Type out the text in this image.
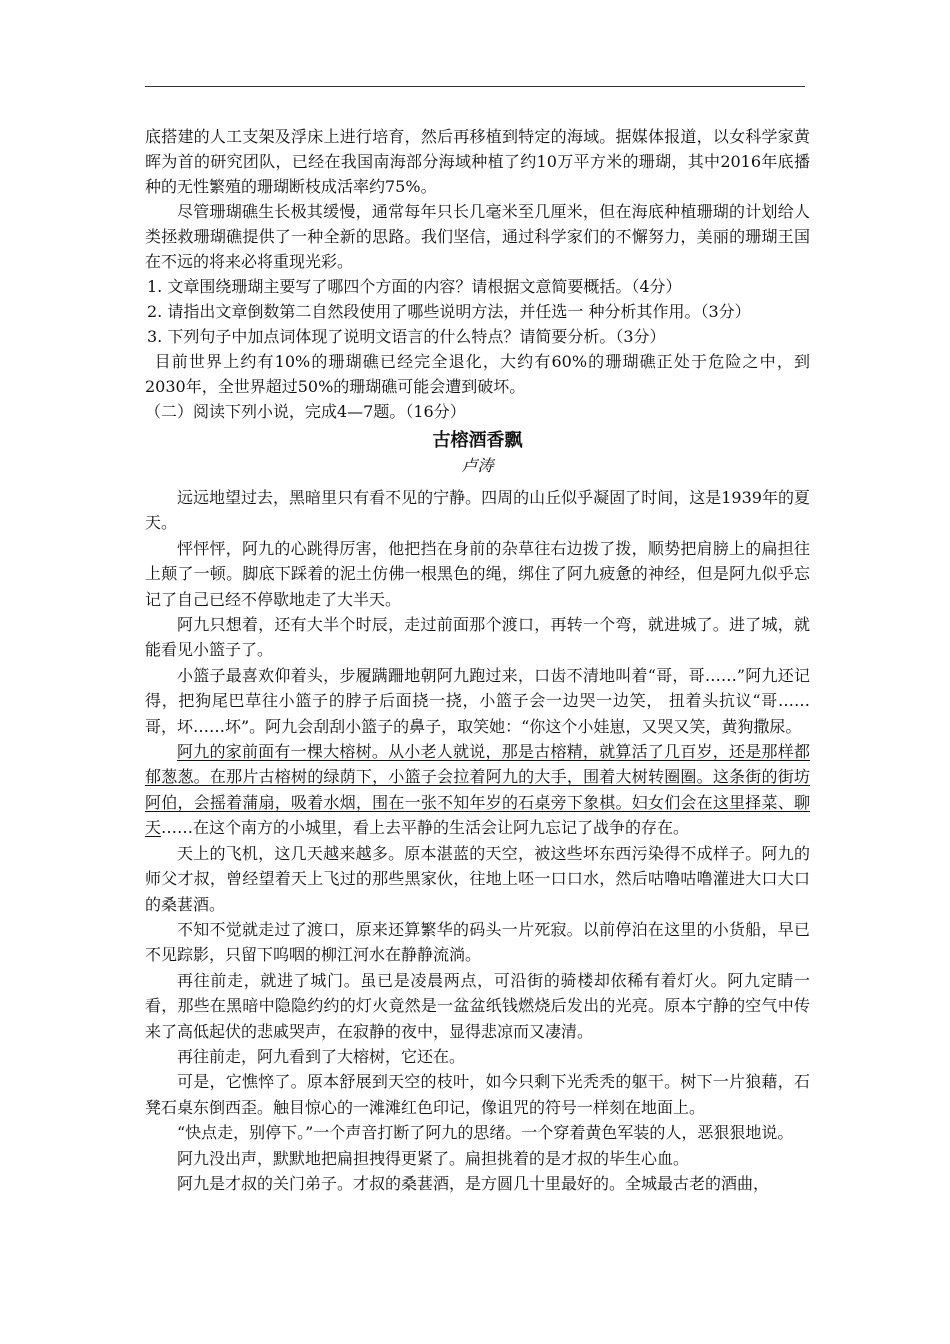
底搭建的人工支架及浮床上进行培育，然后再移植到特定的海域。据媒体报道，以女科学家黄晖为首的研究团队，已经在我国南海部分海域种植了约10万平方米的珊瑚，其中2016年底播种的无性繁殖的珊瑚断枝成活率约75%。

尽管珊瑚礁生长极其缓慢，通常每年只长几毫米至几厘米，但在海底种植珊瑚的计划给人类拯救珊瑚礁提供了一种全新的思路。我们坚信，通过科学家们的不懈努力，美丽的珊瑚王国在不远的将来必将重现光彩。

1. 文章围绕珊瑚主要写了哪四个方面的内容？请根据文意简要概括。（4分）

2. 请指出文章倒数第二自然段使用了哪些说明方法，并任选一 种分析其作用。（3分）

3. 下列句子中加点词体现了说明文语言的什么特点？请简要分析。（3分）

目前世界上约有10%的珊瑚礁已经完全退化，大约有60%的珊瑚礁正处于危险之中，到2030年，全世界超过50%的珊瑚礁可能会遭到破坏。

（二）阅读下列小说，完成4—7题。（16分）

古榕酒香飘

卢涛

远远地望过去，黑暗里只有看不见的宁静。四周的山丘似乎凝固了时间，这是1939年的夏天。

怦怦怦，阿九的心跳得厉害，他把挡在身前的杂草往右边拨了拨，顺势把肩膀上的扁担往上颠了一顿。脚底下踩着的泥土仿佛一根黑色的绳，绑住了阿九疲惫的神经，但是阿九似乎忘记了自己已经不停歇地走了大半天。

阿九只想着，还有大半个时辰，走过前面那个渡口，再转一个弯，就进城了。进了城，就能看见小篮子了。

小篮子最喜欢仰着头，步履蹒跚地朝阿九跑过来，口齿不清地叫着“哥，哥……”阿九还记得，把狗尾巴草往小篮子的脖子后面挠一挠，小篮子会一边哭一边笑， 扭着头抗议“哥……哥，坏……坏”。阿九会刮刮小篮子的鼻子，取笑她：“你这个小娃崽，又哭又笑，黄狗撒尿。

阿九的家前面有一棵大榕树。从小老人就说，那是古榕精，就算活了几百岁，还是那样都郁葱葱。在那片古榕树的绿荫下，小篮子会拉着阿九的大手，围着大树转圈圈。这条街的街坊阿伯，会摇着蒲扇，吸着水烟，围在一张不知年岁的石桌旁下象棋。妇女们会在这里择菜、聊天……在这个南方的小城里，看上去平静的生活会让阿九忘记了战争的存在。

天上的飞机，这几天越来越多。原本湛蓝的天空，被这些坏东西污染得不成样子。阿九的师父才叔，曾经望着天上飞过的那些黑家伙，往地上呸一口口水，然后咕噜咕噜灌进大口大口的桑葚酒。

不知不觉就走过了渡口，原来还算繁华的码头一片死寂。以前停泊在这里的小货船，早已不见踪影，只留下呜咽的柳江河水在静静流淌。

再往前走，就进了城门。虽已是凌晨两点，可沿街的骑楼却依稀有着灯火。阿九定睛一看，那些在黑暗中隐隐约约的灯火竟然是一盆盆纸钱燃烧后发出的光亮。原本宁静的空气中传来了高低起伏的悲戚哭声，在寂静的夜中，显得悲凉而又凄清。

再往前走，阿九看到了大榕树，它还在。

可是，它憔悴了。原本舒展到天空的枝叶，如今只剩下光秃秃的躯干。树下一片狼藉，石凳石桌东倒西歪。触目惊心的一滩滩红色印记，像诅咒的符号一样刻在地面上。

“快点走，别停下。”一个声音打断了阿九的思绪。一个穿着黄色军装的人，恶狠狠地说。

阿九没出声，默默地把扁担拽得更紧了。扁担挑着的是才叔的毕生心血。

阿九是才叔的关门弟子。才叔的桑葚酒，是方圆几十里最好的。全城最古老的酒曲，
